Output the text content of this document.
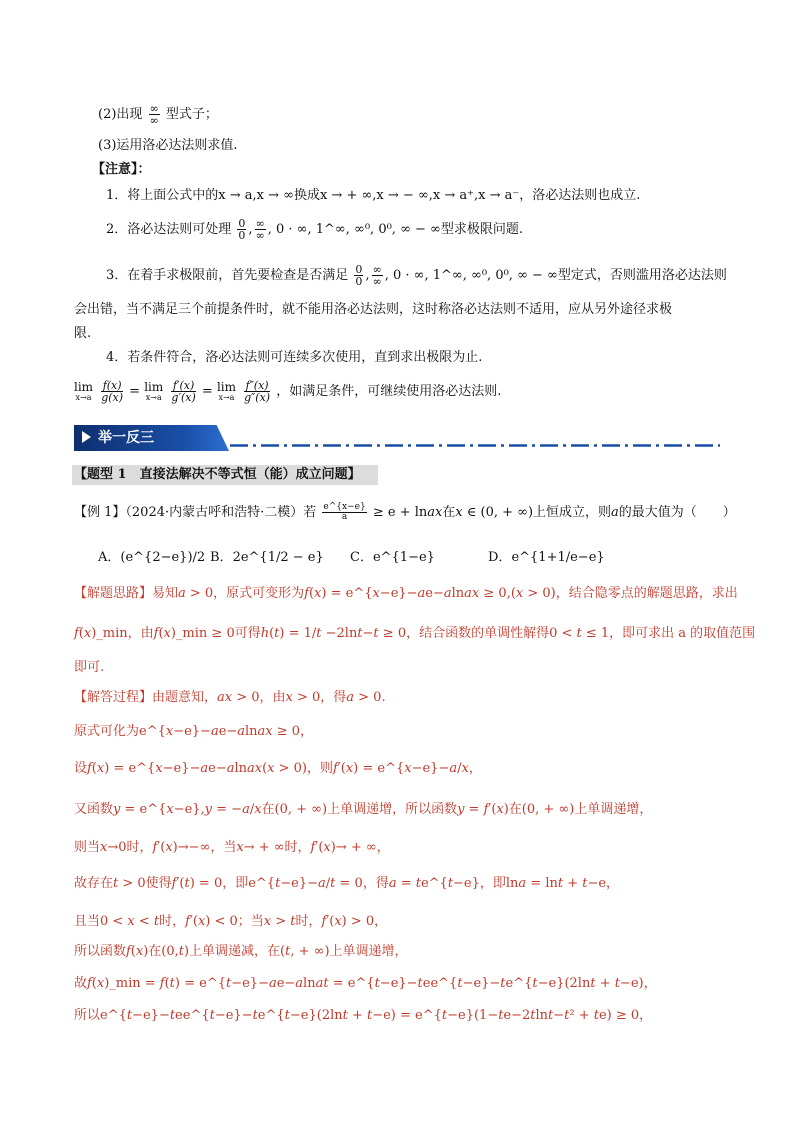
(2)出现 $\frac{\infty}{\infty}$ 型式子；
(3)运用洛必达法则求值.
【注意】：
1．将上面公式中的x → a,x → ∞换成x → + ∞,x → − ∞,x → a⁺,x → a⁻，洛必达法则也成立.
2．洛必达法则可处理 $\frac{0}{0}$ , $\frac{\infty}{\infty}$ , 0 · ∞, 1^∞, ∞⁰, 0⁰, ∞ − ∞型求极限问题.
3．在着手求极限前，首先要检查是否满足 $\frac{0}{0}$ , $\frac{\infty}{\infty}$ , 0 · ∞, 1^∞, ∞⁰, 0⁰, ∞ − ∞型定式，否则滥用洛必达法则
会出错，当不满足三个前提条件时，就不能用洛必达法则，这时称洛必达法则不适用，应从另外途径求极
限.
4．若条件符合，洛必达法则可连续多次使用，直到求出极限为止.
lim
x→a
$\frac{f(x)}{g(x)} = \lim$
x→a
$\frac{f'(x)}{g'(x)} = \lim$
x→a
$\frac{f''(x)}{g''(x)}$ ，如满足条件，可继续使用洛必达法则.
举一反三
【题型 1　直接法解决不等式恒（能）成立问题】
【例 1】（2024·内蒙古呼和浩特·二模）若 $\frac{e\^{}\{x-e\}}{a} \ge e$ + ln𝑎𝑥在𝑥 ∈ (0, + ∞)上恒成立，则𝑎的最大值为（　　）
A．(e^{2−e})/2 B．2e^{1/2 − e} C．e^{1−e}	D．e^{1+1/e−e}
【解题思路】易知𝑎 > 0，原式可变形为𝑓(𝑥) = e^{𝑥−e}−𝑎e−𝑎ln𝑎𝑥 ≥ 0,(𝑥 > 0)，结合隐零点的解题思路，求出
𝑓(𝑥)_min，由𝑓(𝑥)_min ≥ 0可得ℎ(𝑡) = 1/𝑡 −2ln𝑡−𝑡 ≥ 0，结合函数的单调性解得0 < 𝑡 ≤ 1，即可求出 a 的取值范围
即可.
【解答过程】由题意知，𝑎𝑥 > 0，由𝑥 > 0，得𝑎 > 0.
原式可化为e^{𝑥−e}−𝑎e−𝑎ln𝑎𝑥 ≥ 0，
设𝑓(𝑥) = e^{𝑥−e}−𝑎e−𝑎ln𝑎𝑥(𝑥 > 0)，则𝑓′(𝑥) = e^{𝑥−e}−𝑎/𝑥，
又函数𝑦 = e^{𝑥−e},𝑦 = −𝑎/𝑥在(0, + ∞)上单调递增，所以函数𝑦 = 𝑓′(𝑥)在(0, + ∞)上单调递增，
则当𝑥→0时，𝑓′(𝑥)→−∞，当𝑥→ + ∞时，𝑓′(𝑥)→ + ∞，
故存在𝑡 > 0使得𝑓′(𝑡) = 0，即e^{𝑡−e}−𝑎/𝑡 = 0，得𝑎 = 𝑡e^{𝑡−e}，即ln𝑎 = ln𝑡 + 𝑡−e，
且当0 < 𝑥 < 𝑡时，𝑓′(𝑥) < 0；当𝑥 > 𝑡时，𝑓′(𝑥) > 0，
所以函数𝑓(𝑥)在(0,𝑡)上单调递减，在(𝑡, + ∞)上单调递增，
故𝑓(𝑥)_min = 𝑓(𝑡) = e^{𝑡−e}−𝑎e−𝑎ln𝑎𝑡 = e^{𝑡−e}−𝑡ee^{𝑡−e}−𝑡e^{𝑡−e}(2ln𝑡 + 𝑡−e)，
所以e^{𝑡−e}−𝑡ee^{𝑡−e}−𝑡e^{𝑡−e}(2ln𝑡 + 𝑡−e) = e^{𝑡−e}(1−𝑡e−2𝑡ln𝑡−𝑡² + 𝑡e) ≥ 0，
